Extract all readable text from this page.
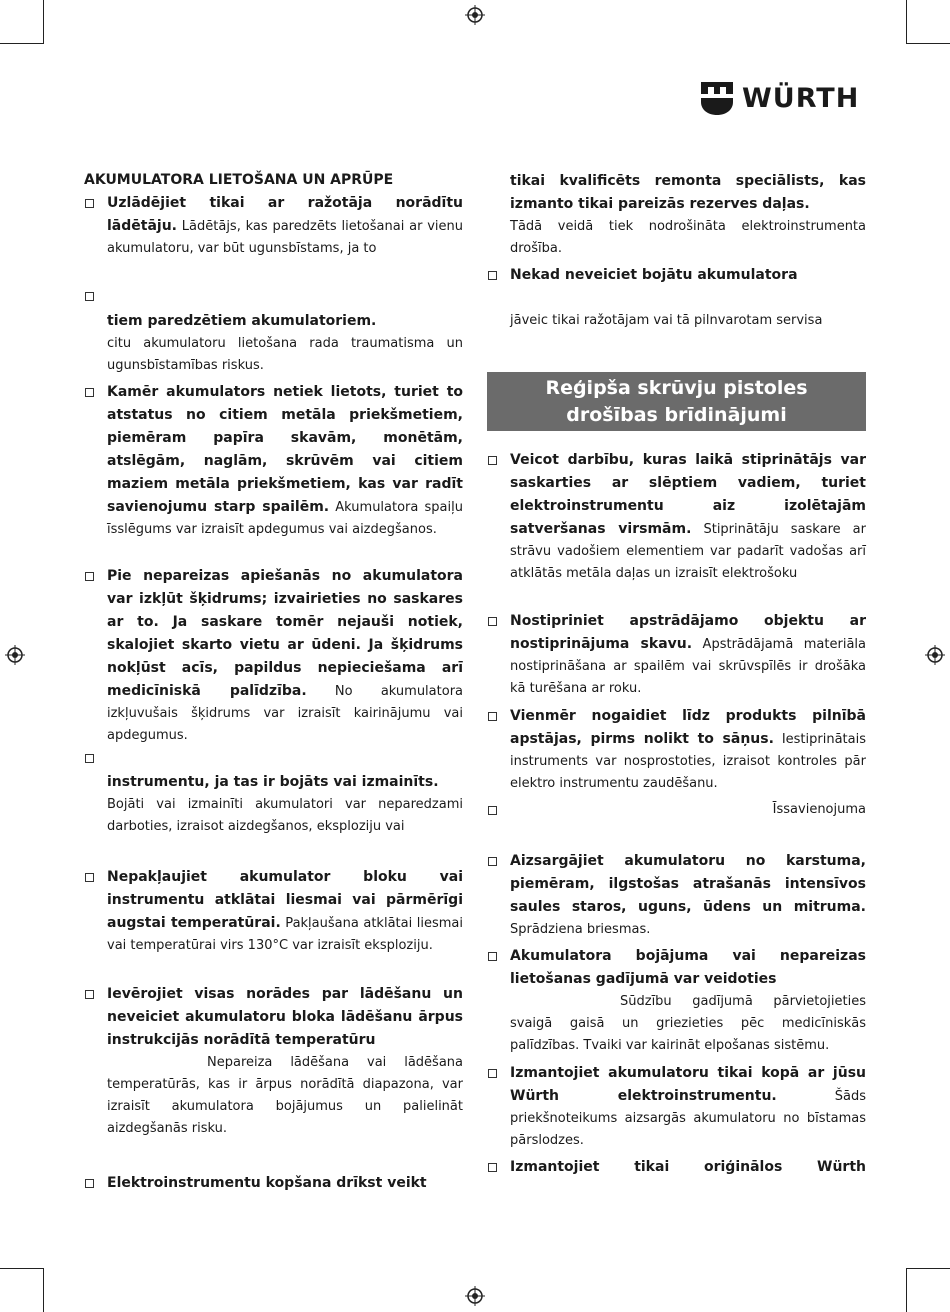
WÜRTH

AKUMULATORA LIETOŠANA UN APRŪPE

Uzlādējiet tikai ar ražotāja norādītu lādētāju. Lādētājs, kas paredzēts lietošanai ar vienu akumulatoru, var būt ugunsbīstams, ja to

tiem paredzētiem akumulatoriem.
citu akumulatoru lietošana rada traumatisma un ugunsbīstamības riskus.

Kamēr akumulators netiek lietots, turiet to atstatus no citiem metāla priekšmetiem, piemēram papīra skavām, monētām, atslēgām, naglām, skrūvēm vai citiem maziem metāla priekšmetiem, kas var radīt savienojumu starp spailēm. Akumulatora spaiļu īsslēgums var izraisīt apdegumus vai aizdegšanos.

Pie nepareizas apiešanās no akumulatora var izkļūt šķidrums; izvairieties no saskares ar to. Ja saskare tomēr nejauši notiek, skalojiet skarto vietu ar ūdeni. Ja šķidrums nokļūst acīs, papildus nepieciešama arī medicīniskā palīdzība. No akumulatora izkļuvušais šķidrums var izraisīt kairinājumu vai apdegumus.

instrumentu, ja tas ir bojāts vai izmainīts.
Bojāti vai izmainīti akumulatori var neparedzami darboties, izraisot aizdegšanos, eksploziju vai

Nepakļaujiet akumulator bloku vai instrumentu atklātai liesmai vai pārmērīgi augstai temperatūrai. Pakļaušana atklātai liesmai vai temperatūrai virs 130°C var izraisīt eksploziju.

Ievērojiet visas norādes par lādēšanu un neveiciet akumulatoru bloka lādēšanu ārpus instrukcijās norādītā temperatūru
Nepareiza lādēšana vai lādēšana temperatūrās, kas ir ārpus norādītā diapazona, var izraisīt akumulatora bojājumus un palielināt aizdegšanās risku.

Elektroinstrumentu kopšana drīkst veikt

tikai kvalificēts remonta speciālists, kas izmanto tikai pareizās rezerves daļas.
Tādā veidā tiek nodrošināta elektroinstrumenta drošība.

Nekad neveiciet bojātu akumulatora

jāveic tikai ražotājam vai tā pilnvarotam servisa

Reģipša skrūvju pistoles drošības brīdinājumi

Veicot darbību, kuras laikā stiprinātājs var saskarties ar slēptiem vadiem, turiet elektroinstrumentu aiz izolētajām satveršanas virsmām. Stiprinātāju saskare ar strāvu vadošiem elementiem var padarīt vadošas arī atklātās metāla daļas un izraisīt elektrošoku

Nostipriniet apstrādājamo objektu ar nostiprinājuma skavu. Apstrādājamā materiāla nostiprināšana ar spailēm vai skrūvspīlēs ir drošāka kā turēšana ar roku.

Vienmēr nogaidiet līdz produkts pilnībā apstājas, pirms nolikt to sāņus. Iestiprinātais instruments var nosprostoties, izraisot kontroles pār elektro instrumentu zaudēšanu.

Īssavienojuma

Aizsargājiet akumulatoru no karstuma, piemēram, ilgstošas atrašanās intensīvos saules staros, uguns, ūdens un mitruma. Sprādziena briesmas.

Akumulatora bojājuma vai nepareizas lietošanas gadījumā var veidoties
Sūdzību gadījumā pārvietojieties svaigā gaisā un griezieties pēc medicīniskās palīdzības. Tvaiki var kairināt elpošanas sistēmu.

Izmantojiet akumulatoru tikai kopā ar jūsu Würth elektroinstrumentu. Šāds priekšnoteikums aizsargās akumulatoru no bīstamas pārslodzes.

Izmantojiet tikai oriģinālos Würth
